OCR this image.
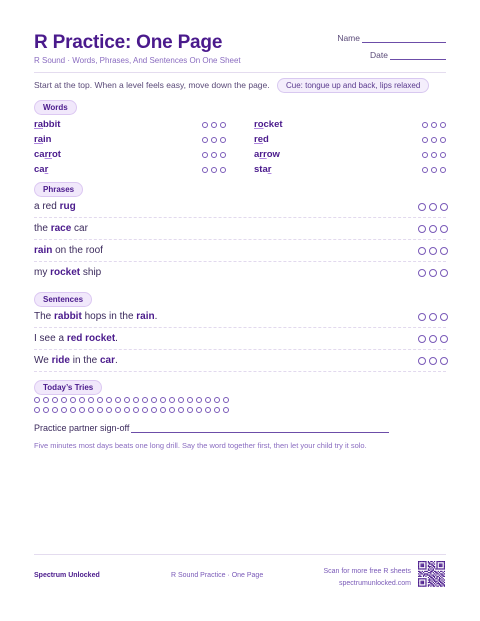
R Practice: One Page
R Sound · Words, Phrases, And Sentences On One Sheet
Name
Date
Start at the top. When a level feels easy, move down the page.	Cue: tongue up and back, lips relaxed
Words
rabbit
rain
carrot
car
rocket
red
arrow
star
Phrases
a red rug
the race car
rain on the roof
my rocket ship
Sentences
The rabbit hops in the rain.
I see a red rocket.
We ride in the car.
Today’s Tries
Practice partner sign-off
Five minutes most days beats one long drill. Say the word together first, then let your child try it solo.
Spectrum Unlocked	R Sound Practice · One Page
Scan for more free R sheets
spectrumunlocked.com
